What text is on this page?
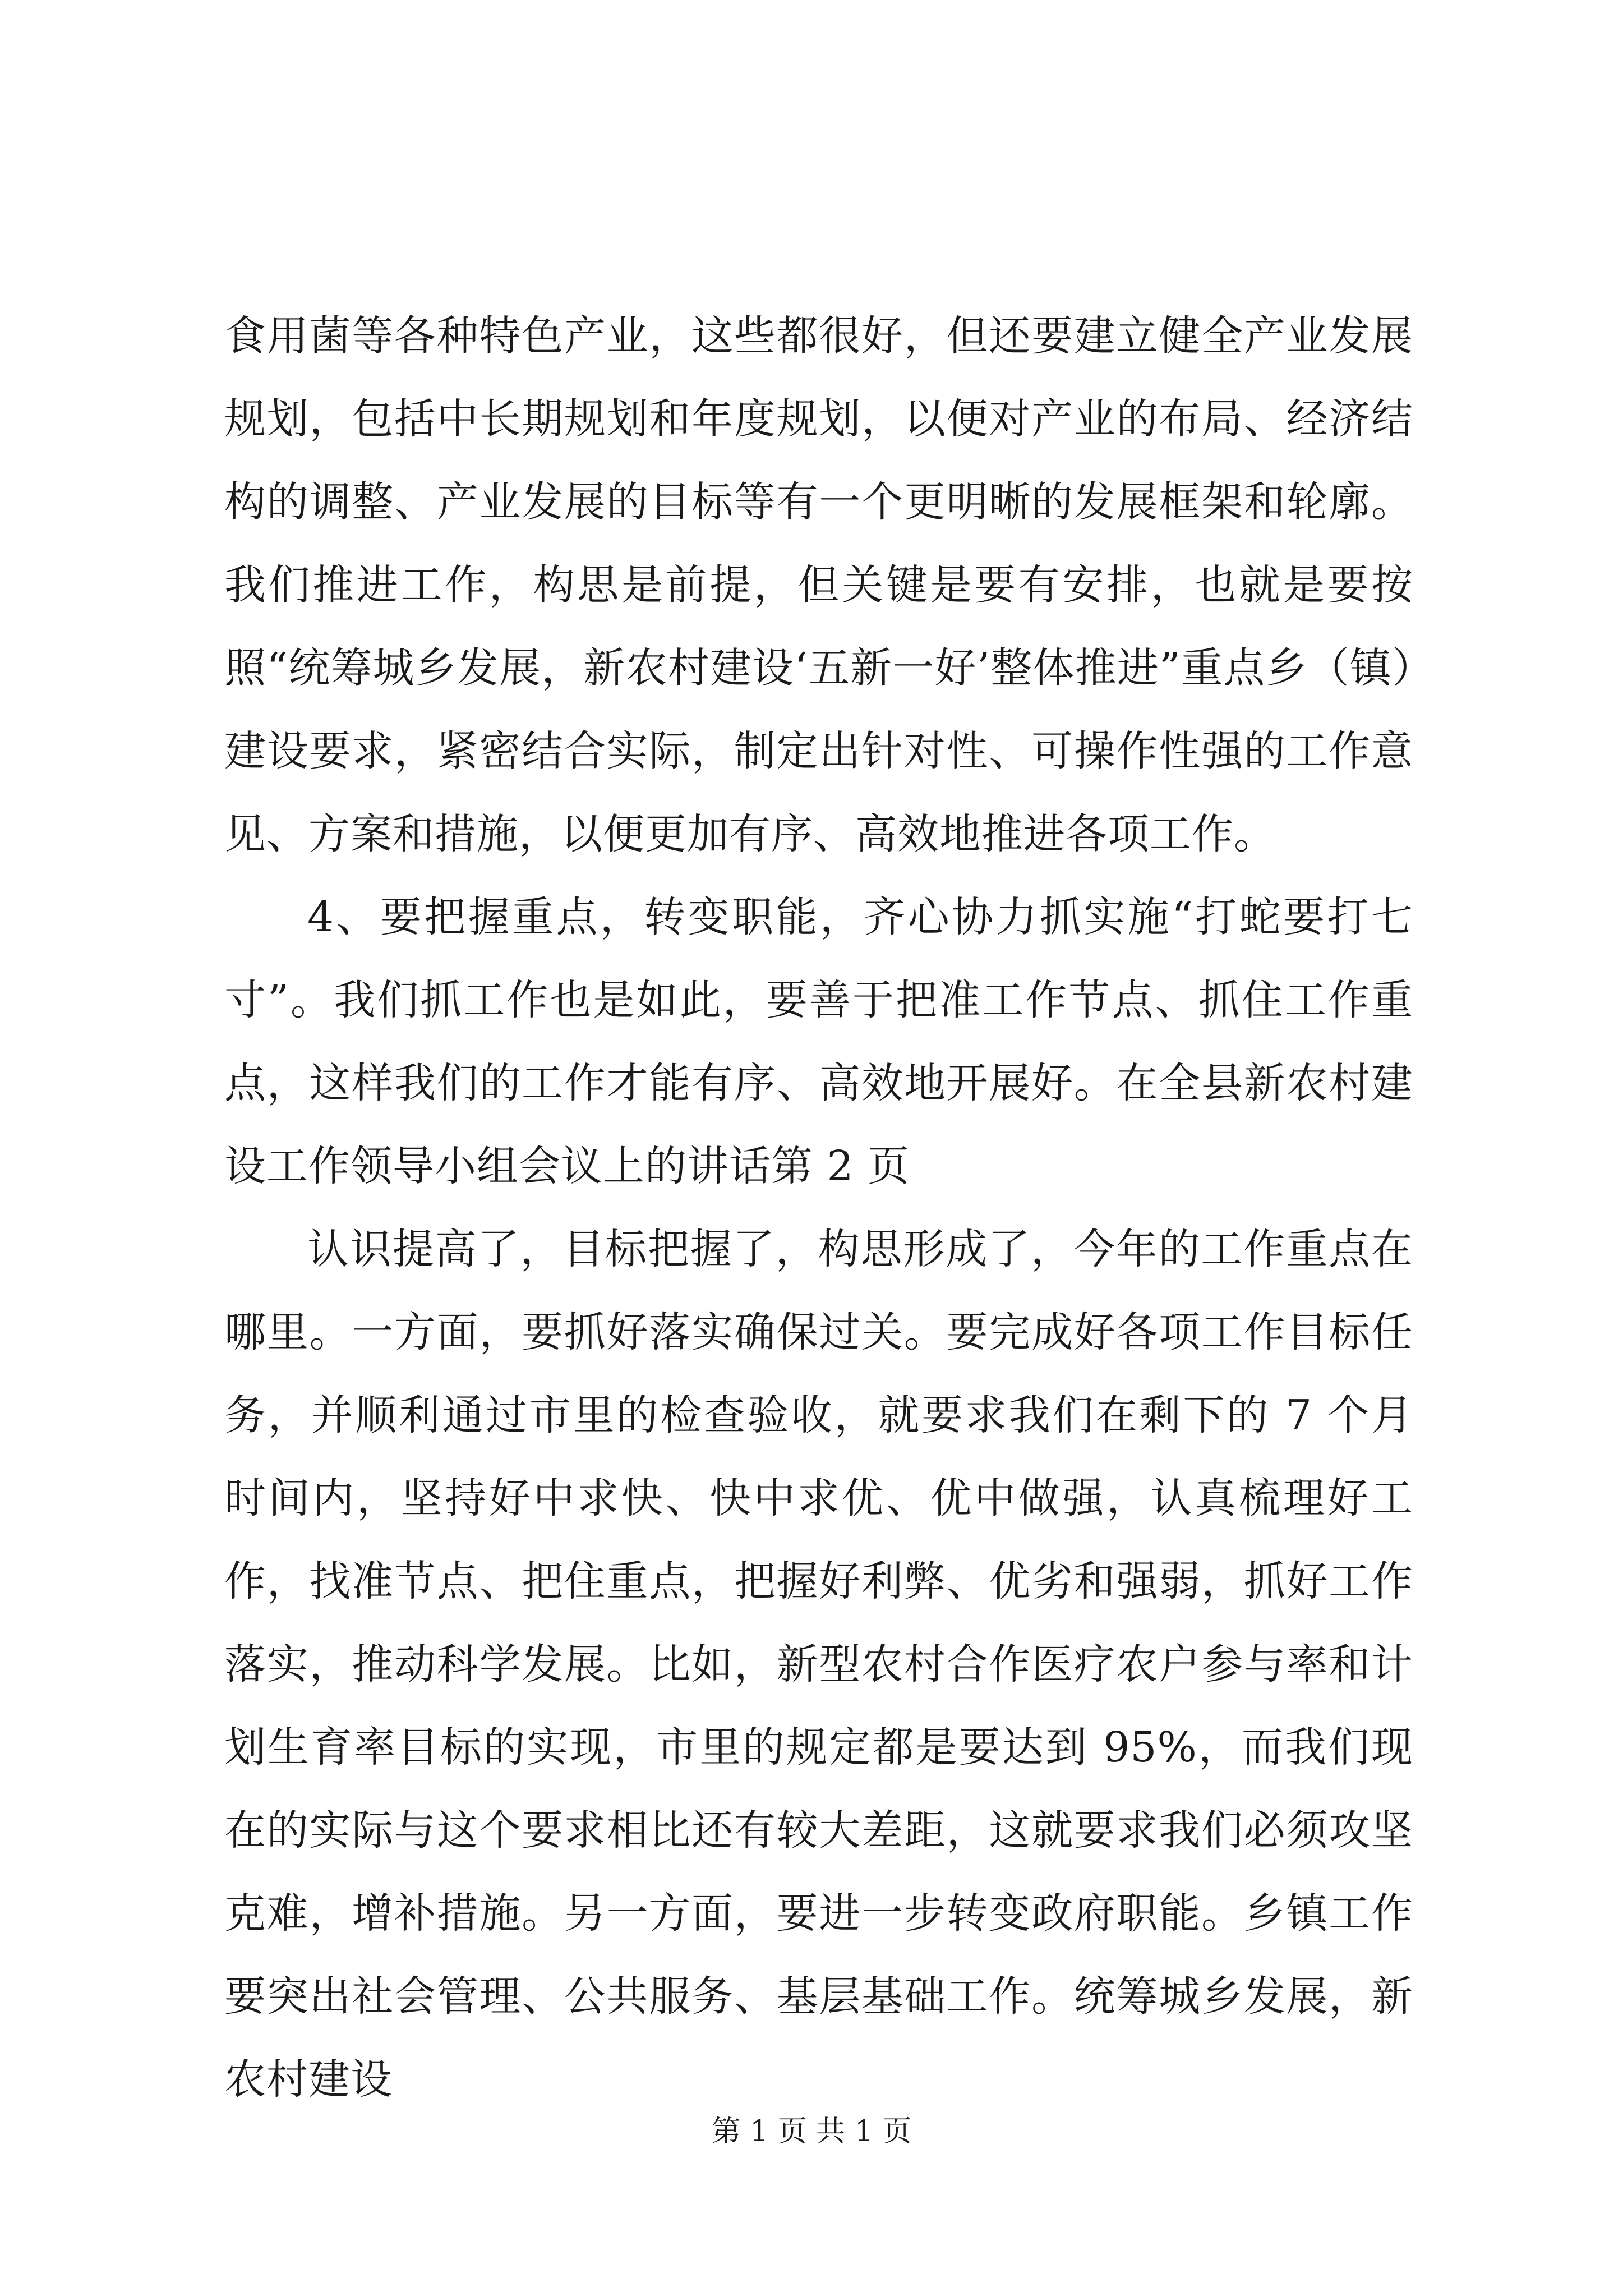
食用菌等各种特色产业，这些都很好，但还要建立健全产业发展规划，包括中长期规划和年度规划，以便对产业的布局、经济结构的调整、产业发展的目标等有一个更明晰的发展框架和轮廓。我们推进工作，构思是前提，但关键是要有安排，也就是要按照“统筹城乡发展，新农村建设‘五新一好’整体推进”重点乡（镇）建设要求，紧密结合实际，制定出针对性、可操作性强的工作意见、方案和措施，以便更加有序、高效地推进各项工作。

4、要把握重点，转变职能，齐心协力抓实施“打蛇要打七寸”。我们抓工作也是如此，要善于把准工作节点、抓住工作重点，这样我们的工作才能有序、高效地开展好。在全县新农村建设工作领导小组会议上的讲话第 2 页

认识提高了，目标把握了，构思形成了，今年的工作重点在哪里。一方面，要抓好落实确保过关。要完成好各项工作目标任务，并顺利通过市里的检查验收，就要求我们在剩下的 7 个月时间内，坚持好中求快、快中求优、优中做强，认真梳理好工作，找准节点、把住重点，把握好利弊、优劣和强弱，抓好工作落实，推动科学发展。比如，新型农村合作医疗农户参与率和计划生育率目标的实现，市里的规定都是要达到 95%，而我们现在的实际与这个要求相比还有较大差距，这就要求我们必须攻坚克难，增补措施。另一方面，要进一步转变政府职能。乡镇工作要突出社会管理、公共服务、基层基础工作。统筹城乡发展，新农村建设

第 1 页 共 1 页
